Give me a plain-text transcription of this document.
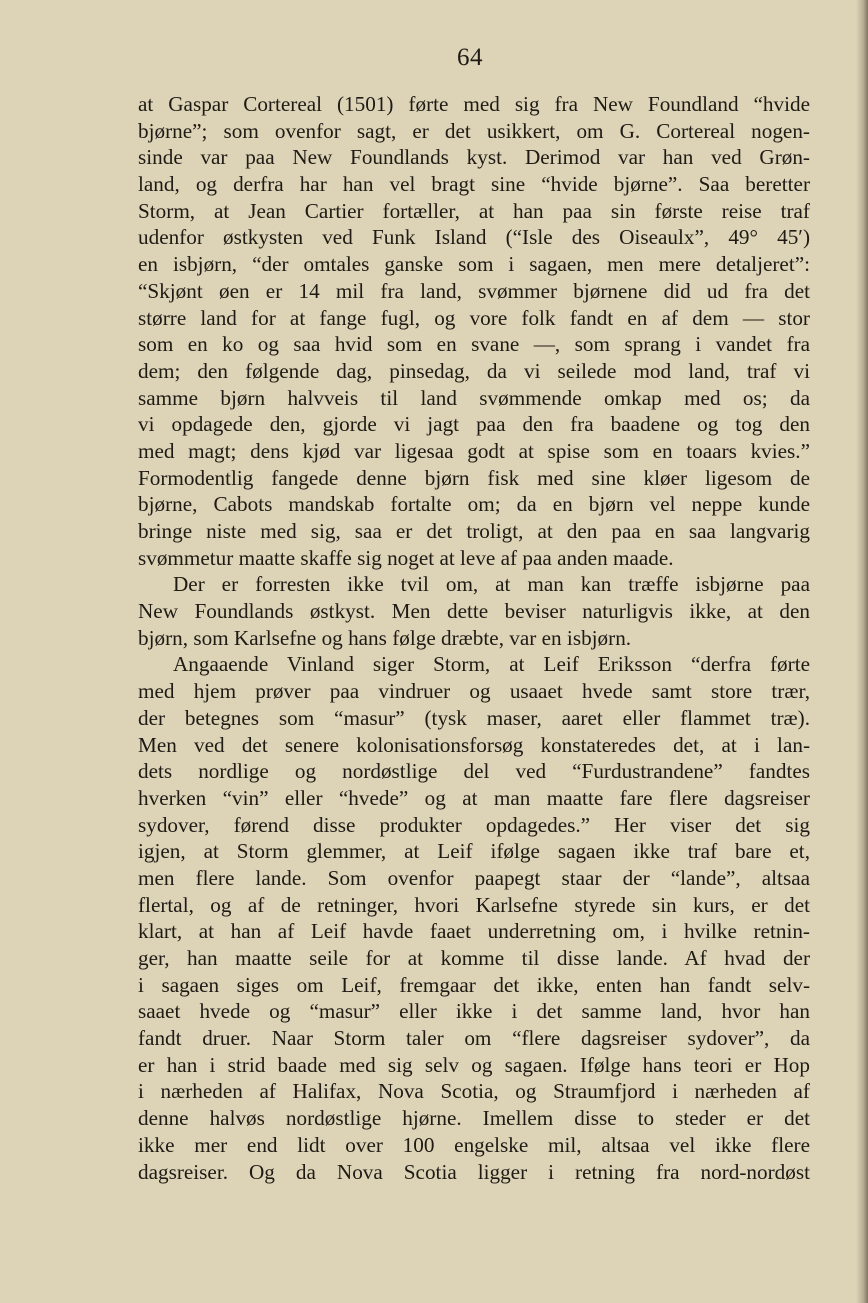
64
at Gaspar Cortereal (1501) førte med sig fra New Foundland “hvide
bjørne”; som ovenfor sagt, er det usikkert, om G. Cortereal nogen-
sinde var paa New Foundlands kyst. Derimod var han ved Grøn-
land, og derfra har han vel bragt sine “hvide bjørne”. Saa beretter
Storm, at Jean Cartier fortæller, at han paa sin første reise traf
udenfor østkysten ved Funk Island (“Isle des Oiseaulx”, 49° 45′)
en isbjørn, “der omtales ganske som i sagaen, men mere detaljeret”:
“Skjønt øen er 14 mil fra land, svømmer bjørnene did ud fra det
større land for at fange fugl, og vore folk fandt en af dem — stor
som en ko og saa hvid som en svane —, som sprang i vandet fra
dem; den følgende dag, pinsedag, da vi seilede mod land, traf vi
samme bjørn halvveis til land svømmende omkap med os; da
vi opdagede den, gjorde vi jagt paa den fra baadene og tog den
med magt; dens kjød var ligesaa godt at spise som en toaars kvies.”
Formodentlig fangede denne bjørn fisk med sine kløer ligesom de
bjørne, Cabots mandskab fortalte om; da en bjørn vel neppe kunde
bringe niste med sig, saa er det troligt, at den paa en saa langvarig
svømmetur maatte skaffe sig noget at leve af paa anden maade.
Der er forresten ikke tvil om, at man kan træffe isbjørne paa
New Foundlands østkyst. Men dette beviser naturligvis ikke, at den
bjørn, som Karlsefne og hans følge dræbte, var en isbjørn.
Angaaende Vinland siger Storm, at Leif Eriksson “derfra førte
med hjem prøver paa vindruer og usaaet hvede samt store trær,
der betegnes som “masur” (tysk maser, aaret eller flammet træ).
Men ved det senere kolonisationsforsøg konstateredes det, at i lan-
dets nordlige og nordøstlige del ved “Furdustrandene” fandtes
hverken “vin” eller “hvede” og at man maatte fare flere dagsreiser
sydover, førend disse produkter opdagedes.” Her viser det sig
igjen, at Storm glemmer, at Leif ifølge sagaen ikke traf bare et,
men flere lande. Som ovenfor paapegt staar der “lande”, altsaa
flertal, og af de retninger, hvori Karlsefne styrede sin kurs, er det
klart, at han af Leif havde faaet underretning om, i hvilke retnin-
ger, han maatte seile for at komme til disse lande. Af hvad der
i sagaen siges om Leif, fremgaar det ikke, enten han fandt selv-
saaet hvede og “masur” eller ikke i det samme land, hvor han
fandt druer. Naar Storm taler om “flere dagsreiser sydover”, da
er han i strid baade med sig selv og sagaen. Ifølge hans teori er Hop
i nærheden af Halifax, Nova Scotia, og Straumfjord i nærheden af
denne halvøs nordøstlige hjørne. Imellem disse to steder er det
ikke mer end lidt over 100 engelske mil, altsaa vel ikke flere
dagsreiser. Og da Nova Scotia ligger i retning fra nord-nordøst
